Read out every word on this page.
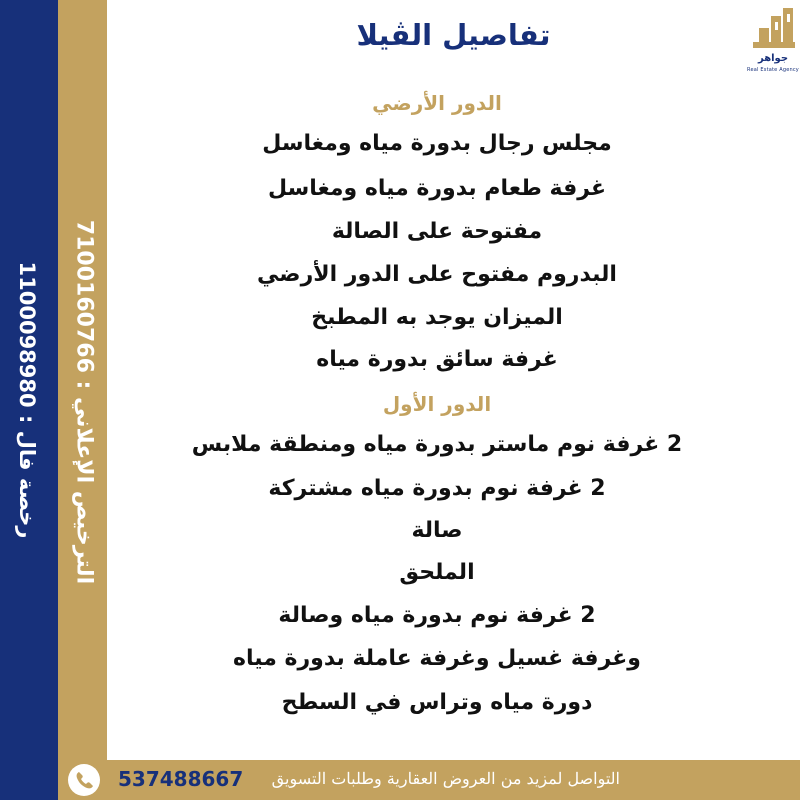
رخصة فال : 1100098980
الترخيص الإعلاني : 7100160766
تفاصيل الڤيلا
جواهر
Real Estate Agency
الدور الأرضي
مجلس رجال بدورة مياه ومغاسل
غرفة طعام بدورة مياه ومغاسل
مفتوحة على الصالة
البدروم مفتوح على الدور الأرضي
الميزان يوجد به المطبخ
غرفة سائق بدورة مياه
الدور الأول
2 غرفة نوم ماستر بدورة مياه ومنطقة ملابس
2 غرفة نوم بدورة مياه مشتركة
صالة
الملحق
2 غرفة نوم بدورة مياه وصالة
وغرفة غسيل وغرفة عاملة بدورة مياه
دورة مياه وتراس في السطح
537488667 التواصل لمزيد من العروض العقارية وطلبات التسويق
